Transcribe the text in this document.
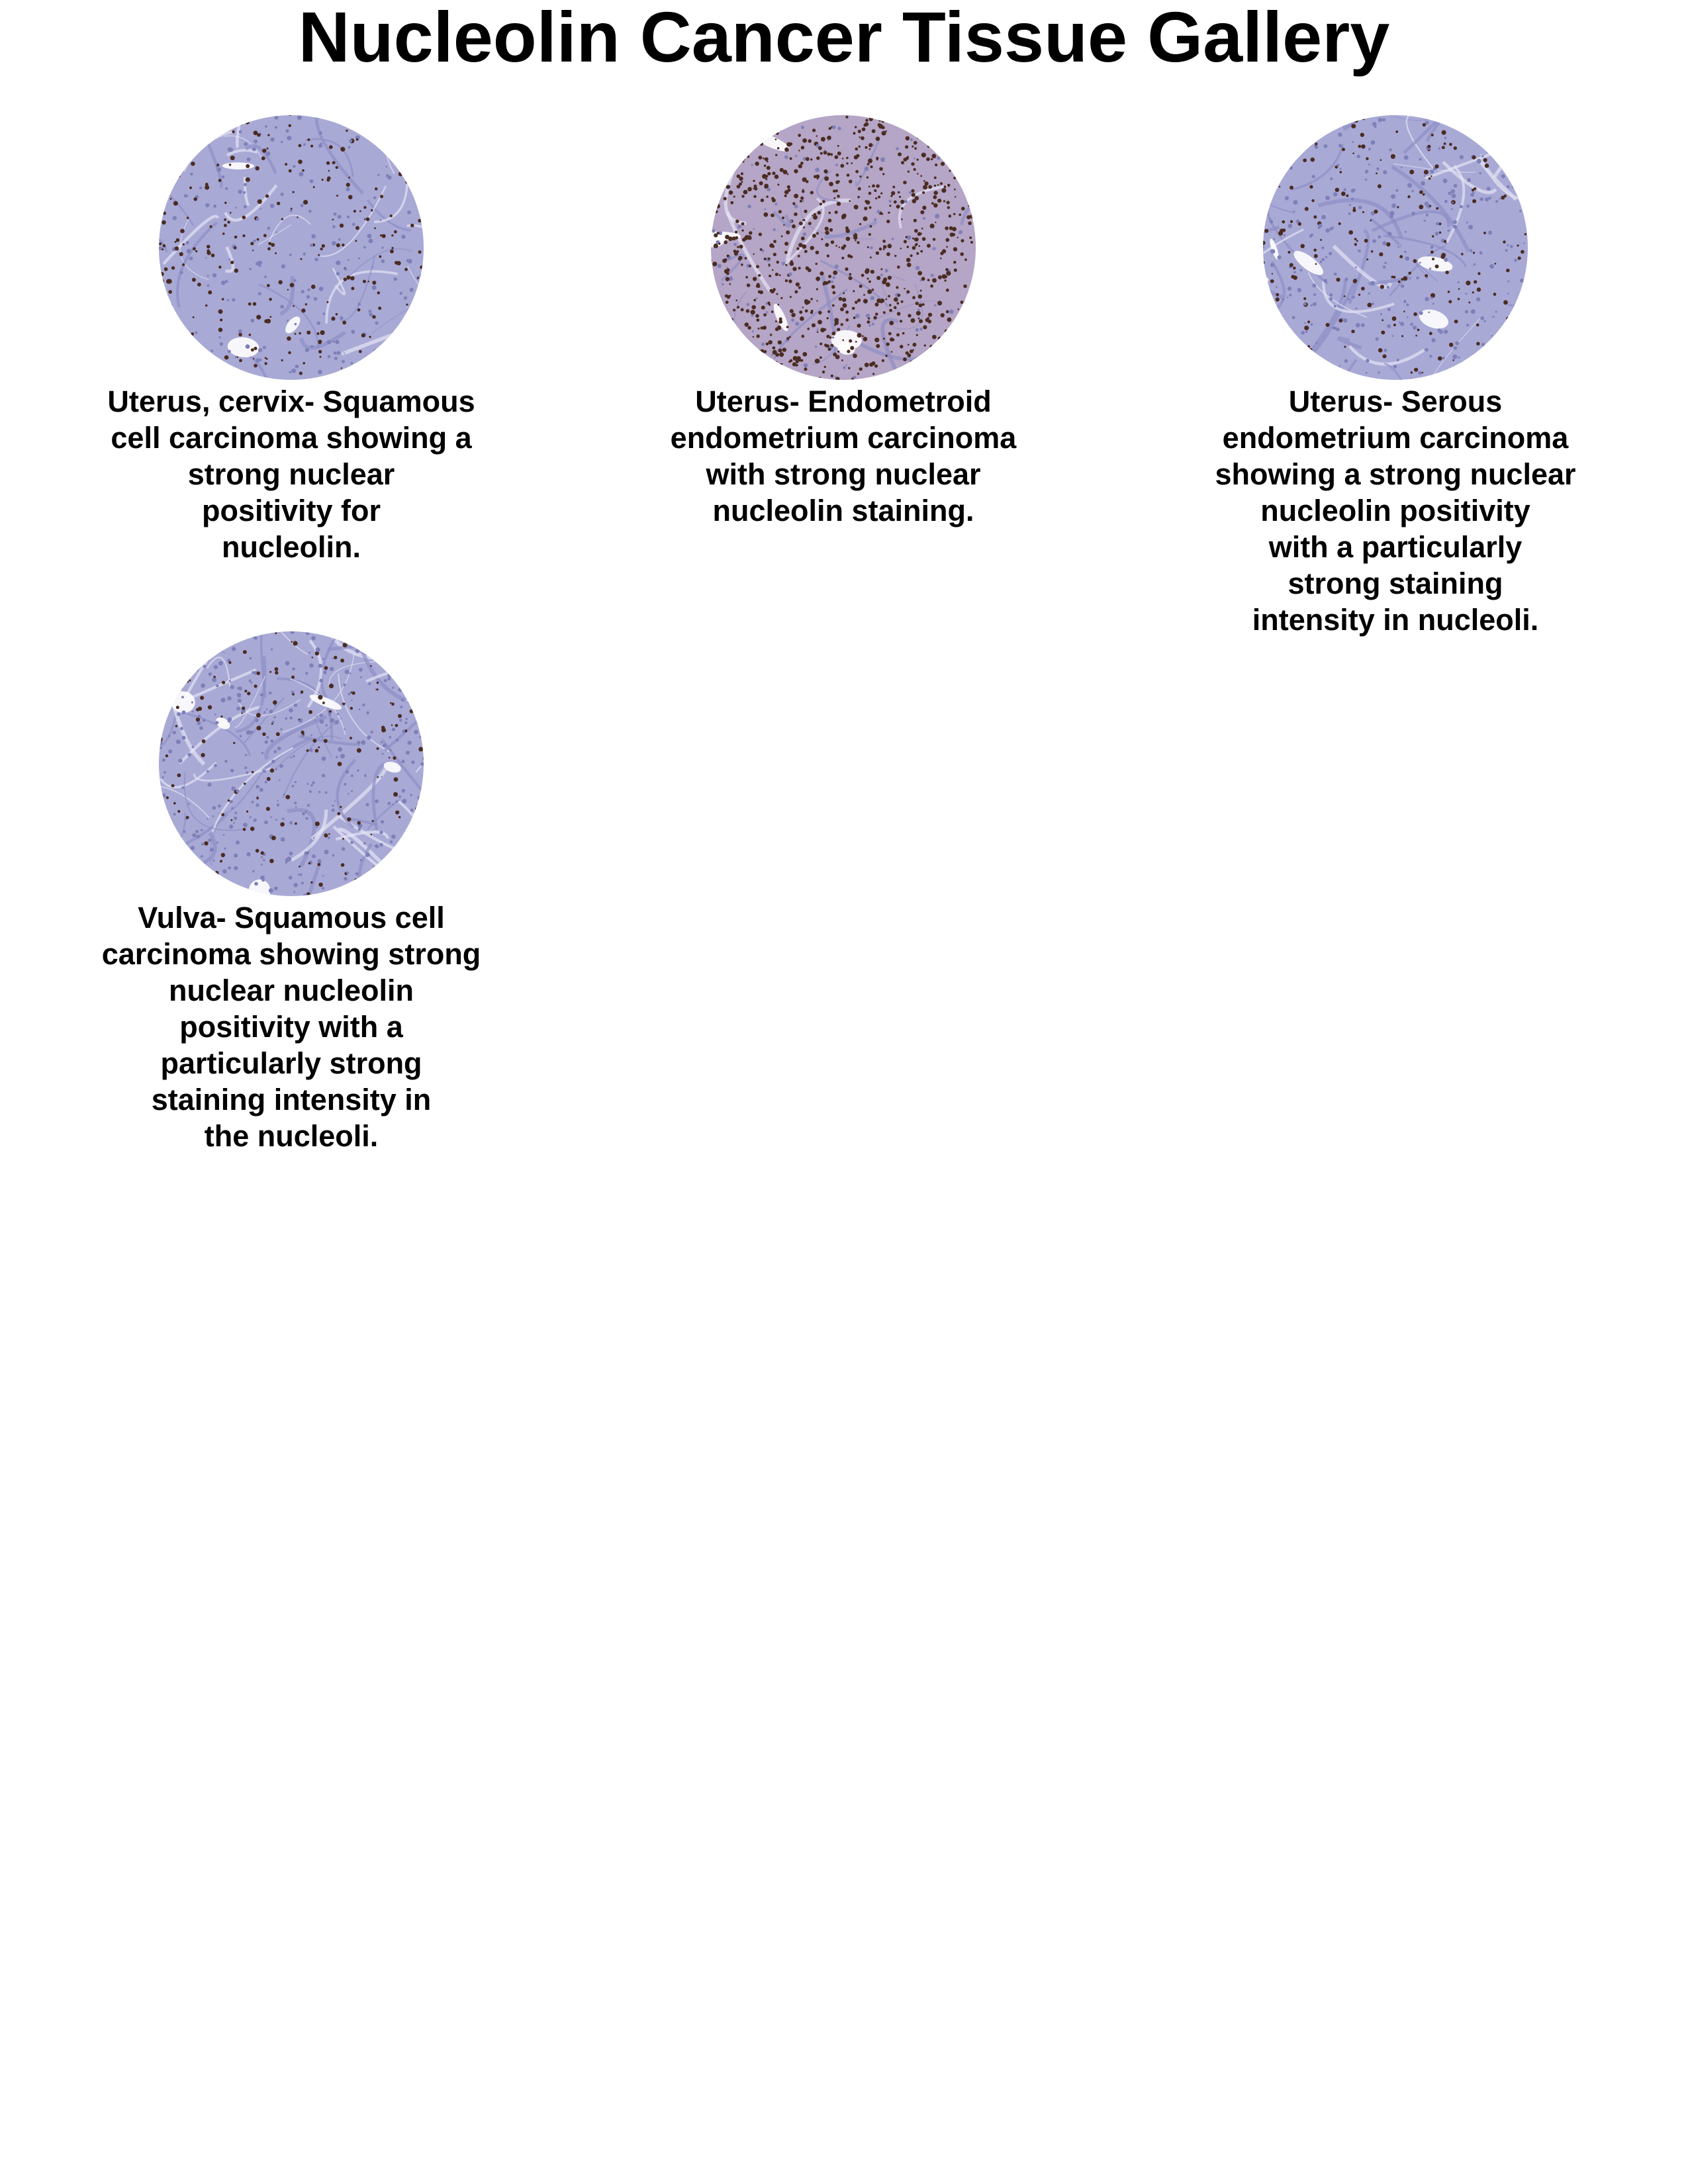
Nucleolin Cancer Tissue Gallery
Uterus, cervix- Squamous
cell carcinoma showing a
strong nuclear
positivity for
nucleolin.
Uterus- Endometroid
endometrium carcinoma
with strong nuclear
nucleolin staining.
Uterus- Serous
endometrium carcinoma
showing a strong nuclear
nucleolin positivity
with a particularly
strong staining
intensity in nucleoli.
Vulva- Squamous cell
carcinoma showing strong
nuclear nucleolin
positivity with a
particularly strong
staining intensity in
the nucleoli.
